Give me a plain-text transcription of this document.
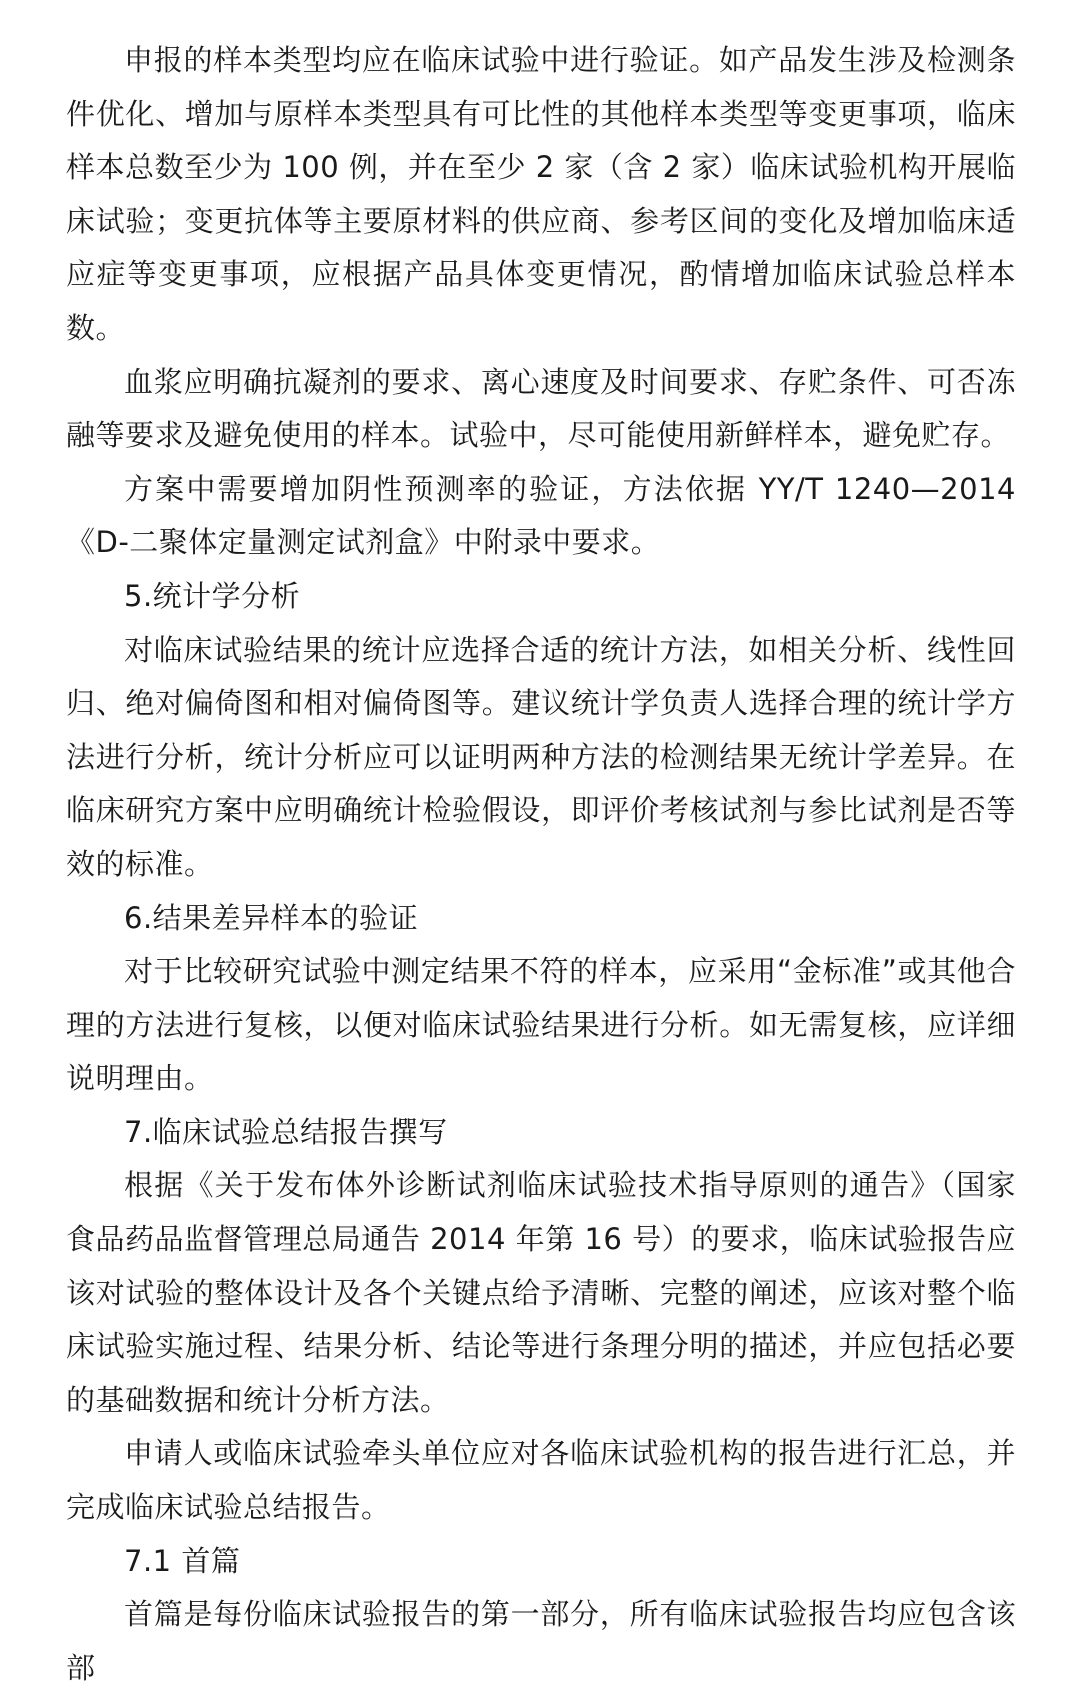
申报的样本类型均应在临床试验中进行验证。如产品发生涉及检测条件优化、增加与原样本类型具有可比性的其他样本类型等变更事项，临床样本总数至少为 100 例，并在至少 2 家（含 2 家）临床试验机构开展临床试验；变更抗体等主要原材料的供应商、参考区间的变化及增加临床适应症等变更事项，应根据产品具体变更情况，酌情增加临床试验总样本数。

血浆应明确抗凝剂的要求、离心速度及时间要求、存贮条件、可否冻融等要求及避免使用的样本。试验中，尽可能使用新鲜样本，避免贮存。

方案中需要增加阴性预测率的验证，方法依据 YY/T 1240—2014《D-二聚体定量测定试剂盒》中附录中要求。

5.统计学分析

对临床试验结果的统计应选择合适的统计方法，如相关分析、线性回归、绝对偏倚图和相对偏倚图等。建议统计学负责人选择合理的统计学方法进行分析，统计分析应可以证明两种方法的检测结果无统计学差异。在临床研究方案中应明确统计检验假设，即评价考核试剂与参比试剂是否等效的标准。

6.结果差异样本的验证

对于比较研究试验中测定结果不符的样本，应采用“金标准”或其他合理的方法进行复核，以便对临床试验结果进行分析。如无需复核，应详细说明理由。

7.临床试验总结报告撰写

根据《关于发布体外诊断试剂临床试验技术指导原则的通告》（国家食品药品监督管理总局通告 2014 年第 16 号）的要求，临床试验报告应该对试验的整体设计及各个关键点给予清晰、完整的阐述，应该对整个临床试验实施过程、结果分析、结论等进行条理分明的描述，并应包括必要的基础数据和统计分析方法。

申请人或临床试验牵头单位应对各临床试验机构的报告进行汇总，并完成临床试验总结报告。

7.1 首篇

首篇是每份临床试验报告的第一部分，所有临床试验报告均应包含该部
